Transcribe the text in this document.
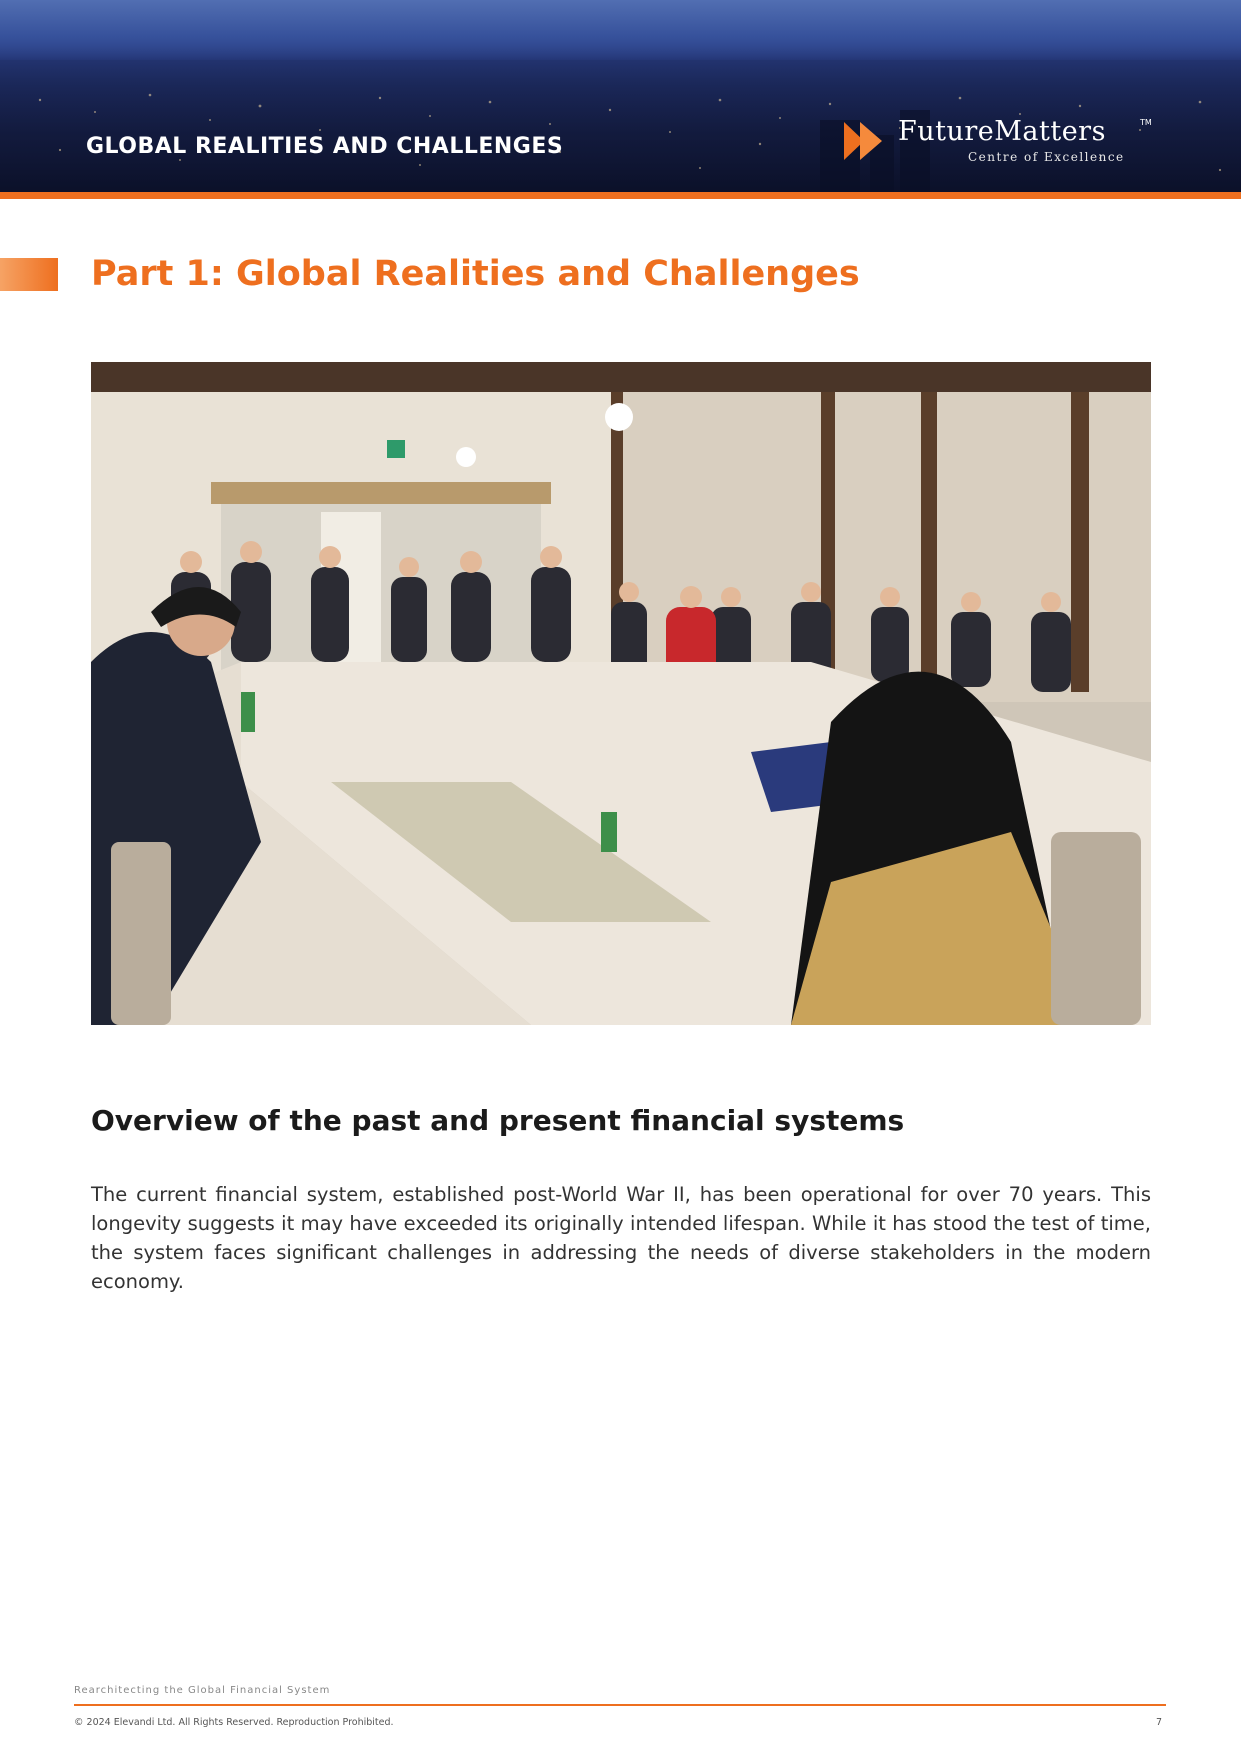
GLOBAL REALITIES AND CHALLENGES	FutureMatters	TM
Centre of Excellence
Part 1: Global Realities and Challenges
Overview of the past and present financial systems

The current financial system, established post-World War II, has been operational for over 70 years. This longevity suggests it may have exceeded its originally intended lifespan. While it has stood the test of time, the system faces significant challenges in addressing the needs of diverse stakeholders in the modern economy.

Rearchitecting the Global Financial System
© 2024 Elevandi Ltd. All Rights Reserved. Reproduction Prohibited.	7
